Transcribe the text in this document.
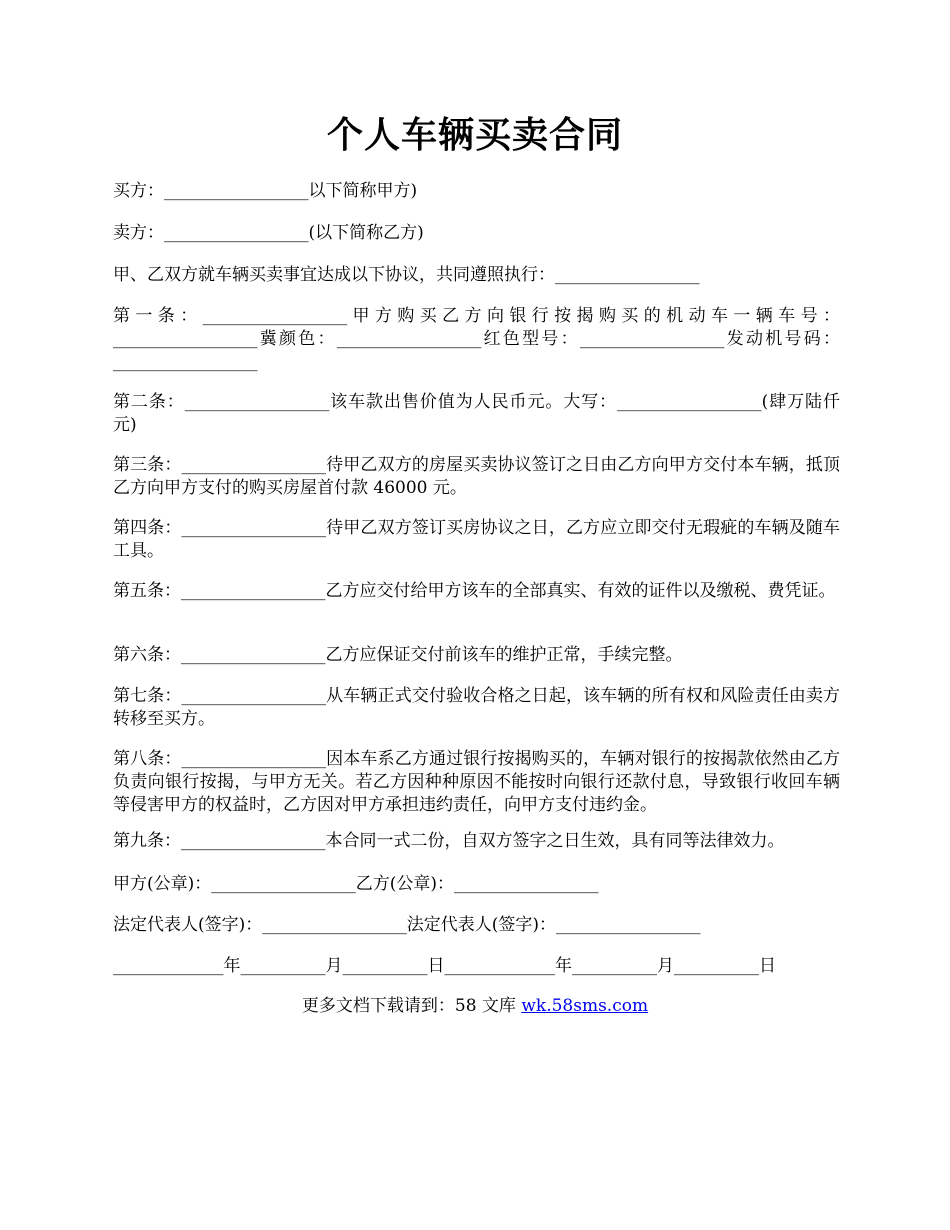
个人车辆买卖合同
买方：_________________以下简称甲方)
卖方：_________________(以下简称乙方)
甲、乙双方就车辆买卖事宜达成以下协议，共同遵照执行：_________________
第一条：_________________甲方购买乙方向银行按揭购买的机动车一辆车号：_________________冀颜色：_________________红色型号：_________________发动机号码：_________________
第二条：_________________该车款出售价值为人民币元。大写：_________________(肆万陆仟元)
第三条：_________________待甲乙双方的房屋买卖协议签订之日由乙方向甲方交付本车辆，抵顶乙方向甲方支付的购买房屋首付款 46000 元。
第四条：_________________待甲乙双方签订买房协议之日，乙方应立即交付无瑕疵的车辆及随车工具。
第五条：_________________乙方应交付给甲方该车的全部真实、有效的证件以及缴税、费凭证。
第六条：_________________乙方应保证交付前该车的维护正常，手续完整。
第七条：_________________从车辆正式交付验收合格之日起，该车辆的所有权和风险责任由卖方转移至买方。
第八条：_________________因本车系乙方通过银行按揭购买的，车辆对银行的按揭款依然由乙方负责向银行按揭，与甲方无关。若乙方因种种原因不能按时向银行还款付息，导致银行收回车辆等侵害甲方的权益时，乙方因对甲方承担违约责任，向甲方支付违约金。
第九条：_________________本合同一式二份，自双方签字之日生效，具有同等法律效力。
甲方(公章)：_________________乙方(公章)：_________________
法定代表人(签字)：_________________法定代表人(签字)：_________________
_____________年__________月__________日_____________年__________月__________日
更多文档下载请到：58 文库 wk.58sms.com
